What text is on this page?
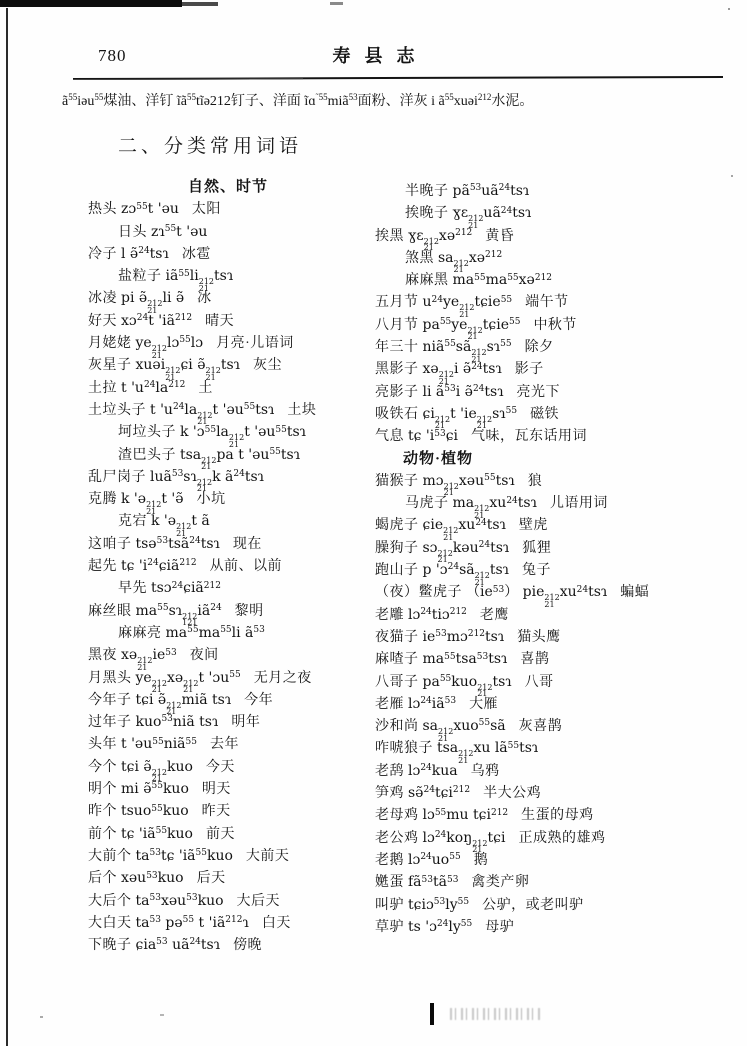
780	寿县志
$ã^{55}iəu^{55}$煤油、洋钉 $ĩã^{55}tĩə212$钉子、洋面 ĩɑ$^{˜55}$miã$^{53}$面粉、洋灰 i $ã^{55}xuəi^{212}$水泥。
二、分类常用词语
自然、时节
热头 zɔ$^{55}$t 'əu 太阳
日头 zɿ$^{55}$t 'əu
冷子 l ə̃$^{24}$tsɿ 冰雹
盐粒子 $iã^{55}li$ 212
21
tsɿ
冰凌 pi ə̃ 212
21
li ə̃ 冰
好天 xɔ$^{24}$t '$iã^{212}$ 晴天
月姥姥 ye 212
21
lɔ$^{55}$lɔ 月亮·儿语词
灰星子 xuəi 212
21
ɕi ə̃ 212
21
tsɿ 灰尘
土拉 t '$u^{24}la^{212}$ 土
土垃头子 t '$u^{24}la$ 212
21
t 'əu$^{55}$tsɿ 土块
坷垃头子 k 'ɔ$^{55}$la 212
21
t 'əu$^{55}$tsɿ
渣巴头子 tsa 212
21
pa t 'əu$^{55}$tsɿ
乱尸岗子 luã$^{53}$sɿ 212
21
k $ã^{24}tsɿ$
克腾 k 'ə 212
21
t 'ə̃ 小坑
克宕 k 'ə 212
21
t ã
这咱子 tsə$^{53}$tsã$^{24}$tsɿ 现在
起先 tɕ '$i^{24}ɕiã^{212}$ 从前、以前
早先 tsɔ$^{24}$ɕiã$^{212}$
麻丝眼 $ma^{55}sɿ$ 212
121
$iã^{24}$ 黎明
麻麻亮 $ma^{55}ma^{55}li$ $ã^{53}$
黑夜 xə 212
21
$ie^{53}$ 夜间
月黑头 ye 212
21
xə 212
21
t 'ɔu$^{55}$ 无月之夜
今年子 tɕi ə̃ 212
21
miã tsɿ 今年
过年子 kuo$^{53}$niã tsɿ 明年
头年 t 'əu$^{55}$niã$^{55}$ 去年
今个 tɕi ə̃ 212
21
kuo 今天
明个 mi ə̃$^{55}$kuo 明天
昨个 tsuo$^{55}$kuo 昨天
前个 tɕ '$iã^{55}kuo$ 前天
大前个 $ta^{53}tɕ$ '$iã^{55}kuo$ 大前天
后个 xəu$^{53}$kuo 后天
大后个 $ta^{53}xəu^{53}kuo$ 大后天
大白天 $ta^{53}$ pə$^{55}$ t '$iã^{212}ɿ$ 白天
下晚子 ɕia$^{53}$ $uã^{24}tsɿ$ 傍晚
半晚子 $pã^{53}uã^{24}tsɿ$
挨晚子 ɣɛ 212
21
$uã^{24}tsɿ$
挨黑 ɣɛ 212
21
xə$^{212}$ 黄昏
煞黑 sa 212
21
xə$^{212}$
麻麻黑 $ma^{55}ma^{55}xə^{212}$
五月节 $u^{24}ye$ 212
21
tɕie$^{55}$ 端午节
八月节 $pa^{55}ye$ 212
21
tɕie$^{55}$ 中秋节
年三十 niã$^{55}$sã 212
21
sɿ$^{55}$ 除夕
黑影子 xə 212
21
i ə̃$^{24}$tsɿ 影子
亮影子 li $ã^{53}i$ ə̃$^{24}$tsɿ 亮光下
吸铁石 ɕi 212
21
t 'ie 212
21
sɿ$^{55}$ 磁铁
气息 tɕ '$i^{53}ɕi$ 气味，瓦东话用词
动物·植物
猫猴子 mɔ 212
21
xəu$^{55}$tsɿ 狼
马虎子 ma 212
21
$xu^{24}tsɿ$ 儿语用词
蝎虎子 ɕie 212
21
$xu^{24}tsɿ$ 壁虎
臊狗子 sɔ 212
21
kəu$^{24}$tsɿ 狐狸
跑山子 p 'ɔ$^{24}$sã 212
21
tsɿ 兔子
（夜）鳖虎子 $(ie^{53})$ pie 212
21
$xu^{24}tsɿ$ 蝙蝠
老雕 lɔ$^{24}$tiɔ$^{212}$ 老鹰
夜猫子 $ie^{53}mɔ^{212}tsɿ$ 猫头鹰
麻喳子 $ma^{55}tsa^{53}tsɿ$ 喜鹊
八哥子 $pa^{55}kuo$ 212
21
tsɿ 八哥
老雁 $lɔ^{24}iã^{53}$ 大雁
沙和尚 sa 212
21
xuo$^{55}$sã 灰喜鹊
咋唬狼子 tsa 212
21
xu $lã^{55}tsɿ$
老鸹 lɔ$^{24}$kua 乌鸦
笋鸡 sə̃$^{24}$tɕi$^{212}$ 半大公鸡
老母鸡 lɔ$^{55}$mu tɕi$^{212}$ 生蛋的母鸡
老公鸡 lɔ$^{24}$koŋ 212
21
tɕi 正成熟的雄鸡
老鹅 $lɔ^{24}uo^{55}$ 鹅
嬎蛋 $fã^{53}tã^{53}$ 禽类产卵
叫驴 $tɕiɔ^{53}ly^{55}$ 公驴，或老叫驴
草驴 ts '$ɔ^{24}ly^{55}$ 母驴
